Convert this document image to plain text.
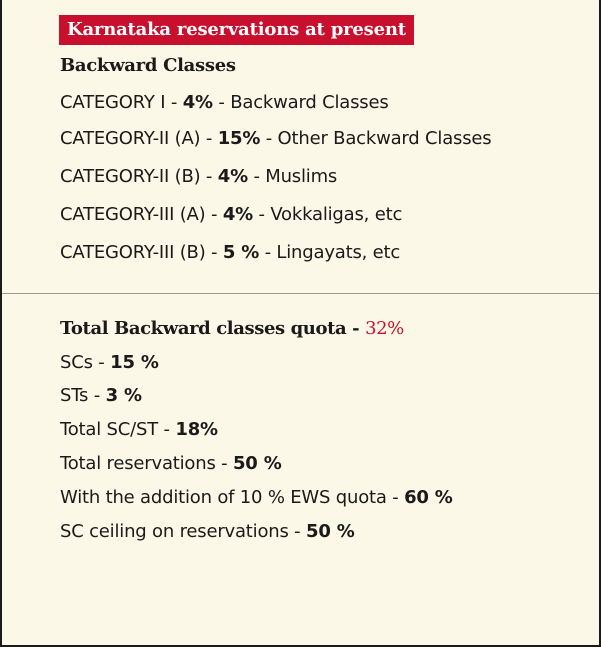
Karnataka reservations at present
Backward Classes
CATEGORY I - 4% - Backward Classes
CATEGORY-II (A) - 15% - Other Backward Classes
CATEGORY-II (B) - 4% - Muslims
CATEGORY-III (A) - 4% - Vokkaligas, etc
CATEGORY-III (B) - 5 % - Lingayats, etc
Total Backward classes quota - 32%
SCs - 15 %
STs - 3 %
Total SC/ST - 18%
Total reservations - 50 %
With the addition of 10 % EWS quota - 60 %
SC ceiling on reservations - 50 %
